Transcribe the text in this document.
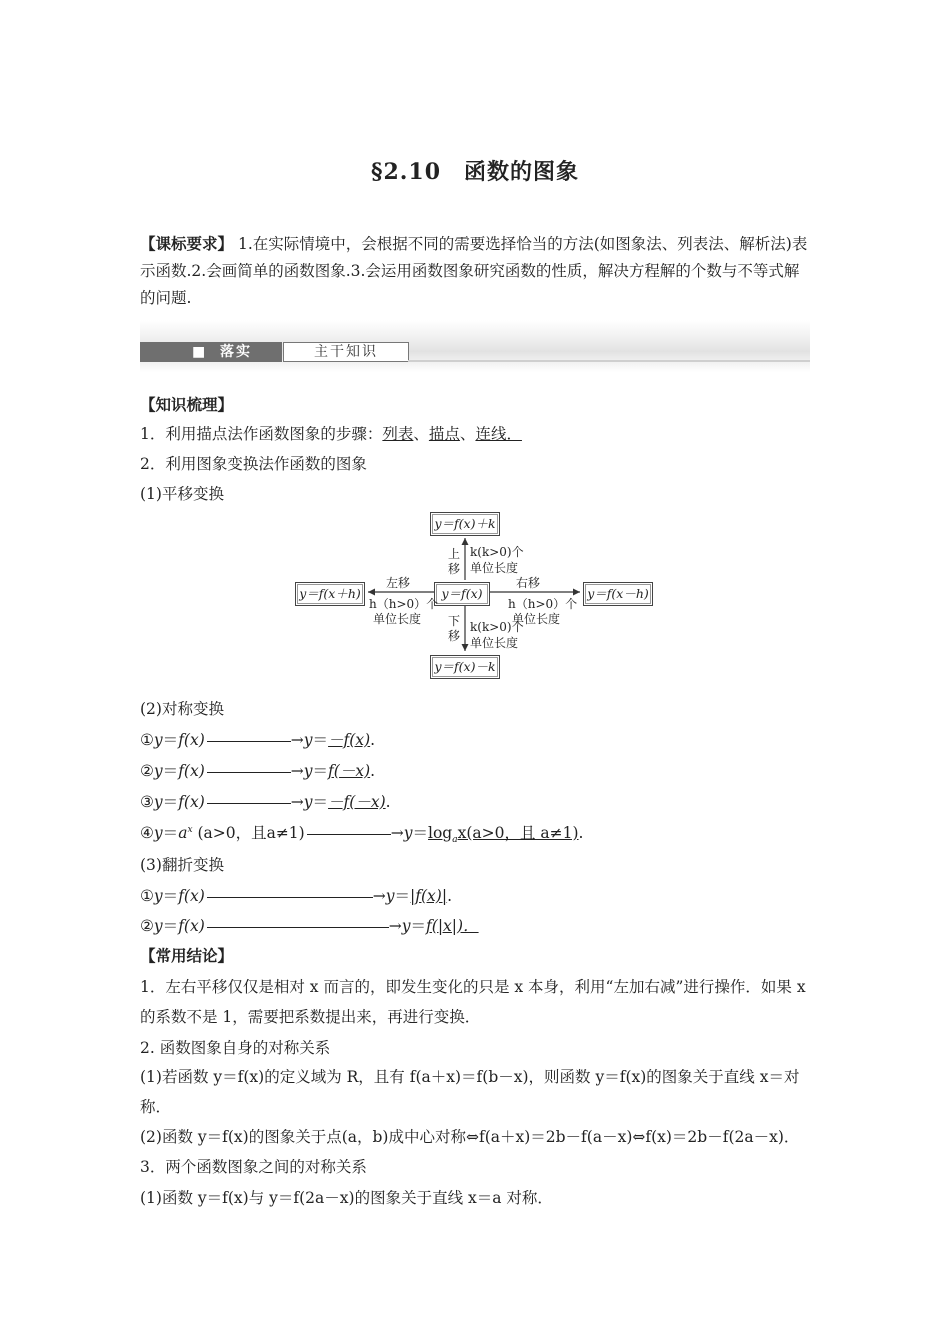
§2.10　函数的图象
【课标要求】 1.在实际情境中，会根据不同的需要选择恰当的方法(如图象法、列表法、解析法)表示函数.2.会画简单的函数图象.3.会运用函数图象研究函数的性质，解决方程解的个数与不等式解的问题.
■ 落实	主干知识
【知识梳理】
1．利用描点法作函数图象的步骤：列表、描点、连线．
2．利用图象变换法作函数的图象
(1)平移变换
y＝f(x)＋k
y＝f(x)
y＝f(x＋h)	y＝f(x－h)
y＝f(x)－k
上
移
k(k>0)个
单位长度
下
移
k(k>0)个
单位长度
左移
h（h>0）个
单位长度
右移
h（h>0）个
单位长度
(2)对称变换
①y＝f(x)	→y＝－f(x).
②y＝f(x)	→y＝f(－x).
③y＝f(x)	→y＝－f(－x).
$④y=a^x$ (a>0，且a≠1)	$\to y=\log_ax(a>0$，且 a≠1).
(3)翻折变换
①y＝f(x)	→y＝|f(x)|.
②y＝f(x)	→y＝f(|x|)．
【常用结论】
1．左右平移仅仅是相对 x 而言的，即发生变化的只是 x 本身，利用“左加右减”进行操作．如果 x 的系数不是 1，需要把系数提出来，再进行变换．
2. 函数图象自身的对称关系
(1)若函数 y＝f(x)的定义域为 R，且有 f(a＋x)＝f(b－x)，则函数 y＝f(x)的图象关于直线 x＝对称．
(2)函数 y＝f(x)的图象关于点(a，b)成中心对称⇔f(a＋x)＝2b－f(a－x)⇔f(x)＝2b－f(2a－x)．
3．两个函数图象之间的对称关系
(1)函数 y＝f(x)与 y＝f(2a－x)的图象关于直线 x＝a 对称．
